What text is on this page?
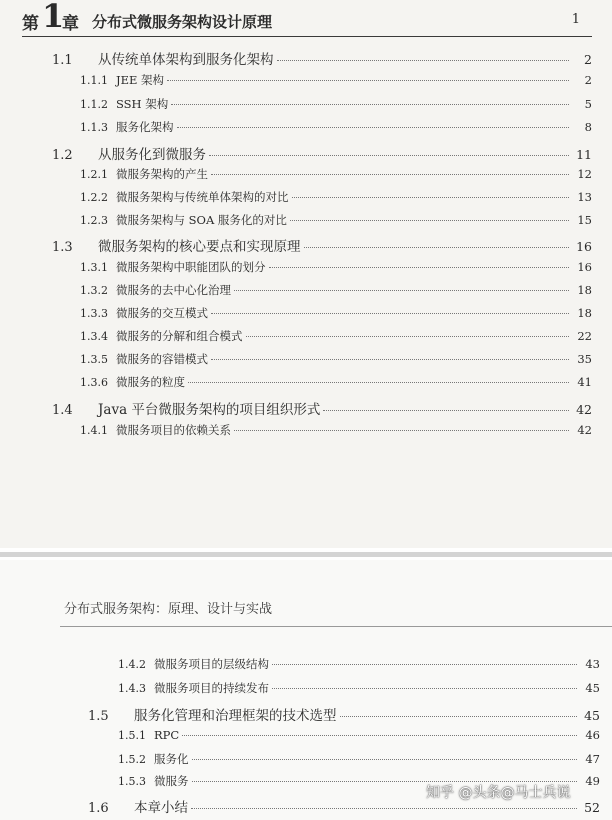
第 1
章 分布式微服务架构设计原理	1
1.1	从传统单体架构到服务化架构	2
1.1.1 JEE 架构	2
1.1.2 SSH 架构	5
1.1.3 服务化架构	8
1.2	从服务化到微服务	11
1.2.1 微服务架构的产生	12
1.2.2 微服务架构与传统单体架构的对比	13
1.2.3 微服务架构与 SOA 服务化的对比	15
1.3	微服务架构的核心要点和实现原理	16
1.3.1 微服务架构中职能团队的划分	16
1.3.2 微服务的去中心化治理	18
1.3.3 微服务的交互模式	18
1.3.4 微服务的分解和组合模式	22
1.3.5 微服务的容错模式	35
1.3.6 微服务的粒度	41
1.4	Java 平台微服务架构的项目组织形式	42
1.4.1 微服务项目的依赖关系	42
分布式服务架构：原理、设计与实战
1.4.2 微服务项目的层级结构	43
1.4.3 微服务项目的持续发布	45
1.5	服务化管理和治理框架的技术选型	45
1.5.1 RPC	46
1.5.2 服务化	47
1.5.3 微服务	49
1.6	本章小结	52
知乎 @头条@马士兵说
